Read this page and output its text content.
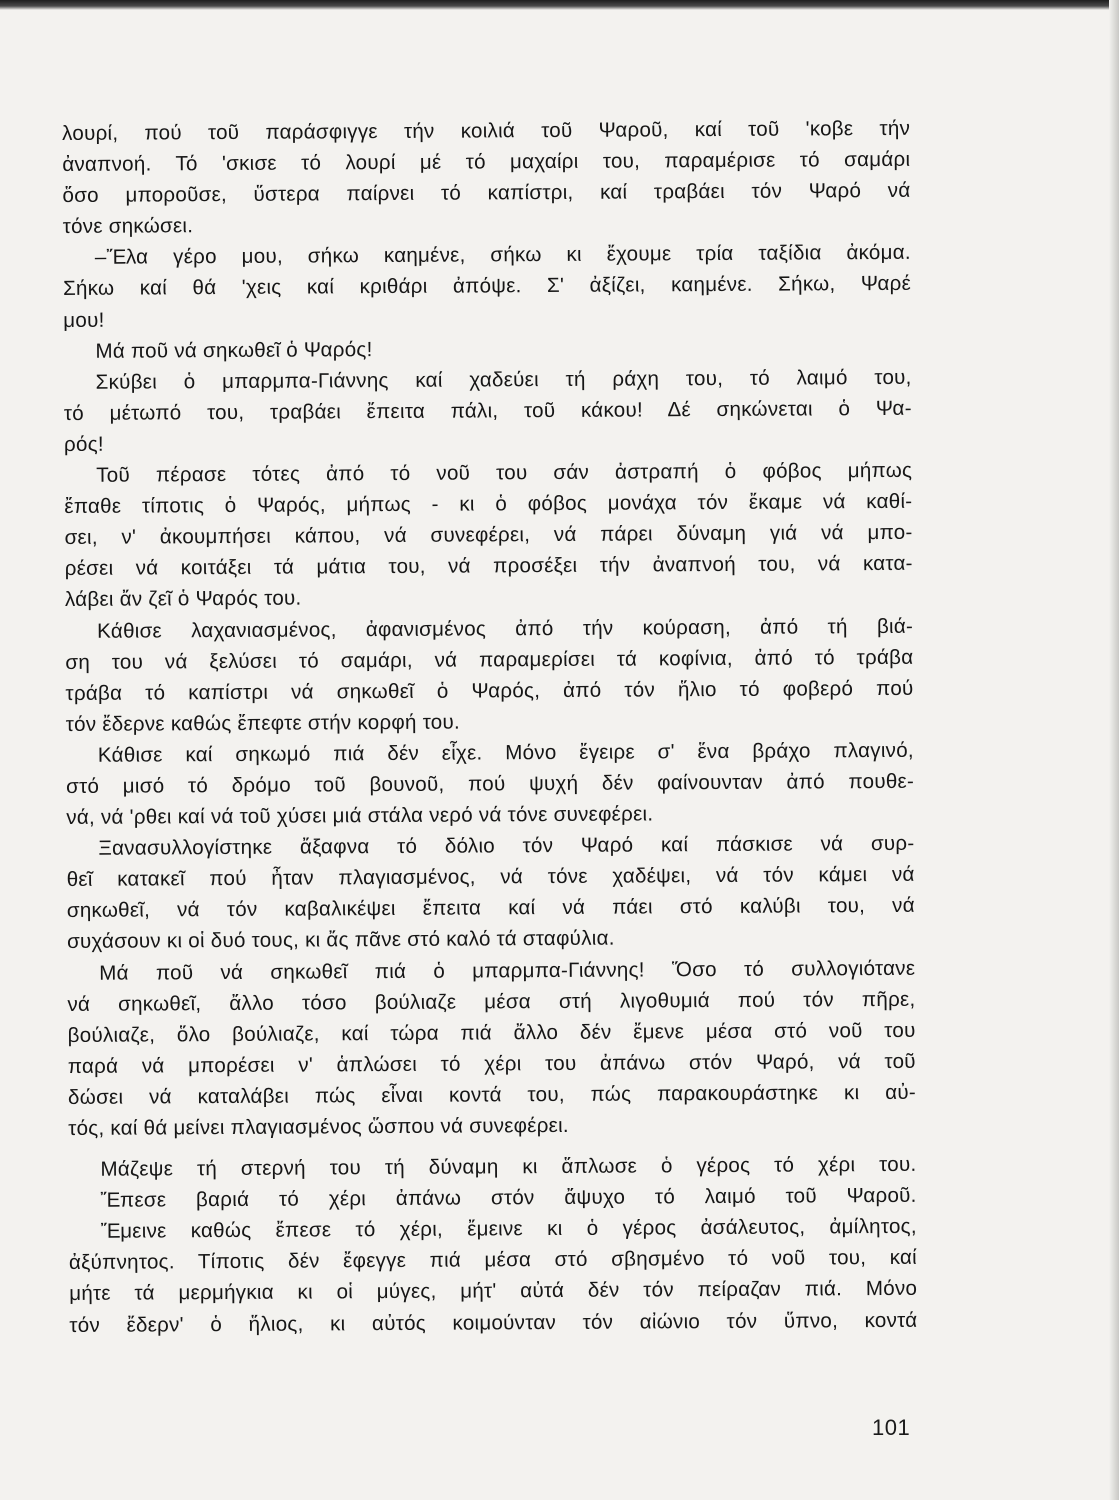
λουρί, πού τοῦ παράσφιγγε τήν κοιλιά τοῦ Ψαροῦ, καί τοῦ 'κοβε τήν
ἀναπνοή. Τό 'σκισε τό λουρί μέ τό μαχαίρι του, παραμέρισε τό σαμάρι
ὅσο μποροῦσε, ὕστερα παίρνει τό καπίστρι, καί τραβάει τόν Ψαρό νά
τόνε σηκώσει.

–Ἔλα γέρο μου, σήκω καημένε, σήκω κι ἔχουμε τρία ταξίδια ἀκόμα.
Σήκω καί θά 'χεις καί κριθάρι ἀπόψε. Σ' ἀξίζει, καημένε. Σήκω, Ψαρέ
μου!

Μά ποῦ νά σηκωθεῖ ὁ Ψαρός!

Σκύβει ὁ μπαρμπα-Γιάννης καί χαδεύει τή ράχη του, τό λαιμό του,
τό μέτωπό του, τραβάει ἔπειτα πάλι, τοῦ κάκου! Δέ σηκώνεται ὁ Ψα-
ρός!

Τοῦ πέρασε τότες ἀπό τό νοῦ του σάν ἀστραπή ὁ φόβος μήπως
ἔπαθε τίποτις ὁ Ψαρός, μήπως - κι ὁ φόβος μονάχα τόν ἔκαμε νά καθί-
σει, ν' ἀκουμπήσει κάπου, νά συνεφέρει, νά πάρει δύναμη γιά νά μπο-
ρέσει νά κοιτάξει τά μάτια του, νά προσέξει τήν ἀναπνοή του, νά κατα-
λάβει ἄν ζεῖ ὁ Ψαρός του.

Κάθισε λαχανιασμένος, ἀφανισμένος ἀπό τήν κούραση, ἀπό τή βιά-
ση του νά ξελύσει τό σαμάρι, νά παραμερίσει τά κοφίνια, ἀπό τό τράβα
τράβα τό καπίστρι νά σηκωθεῖ ὁ Ψαρός, ἀπό τόν ἥλιο τό φοβερό πού
τόν ἔδερνε καθώς ἔπεφτε στήν κορφή του.

Κάθισε καί σηκωμό πιά δέν εἶχε. Μόνο ἔγειρε σ' ἕνα βράχο πλαγινό,
στό μισό τό δρόμο τοῦ βουνοῦ, πού ψυχή δέν φαίνουνταν ἀπό πουθε-
νά, νά 'ρθει καί νά τοῦ χύσει μιά στάλα νερό νά τόνε συνεφέρει.

Ξανασυλλογίστηκε ἄξαφνα τό δόλιο τόν Ψαρό καί πάσκισε νά συρ-
θεῖ κατακεῖ πού ἦταν πλαγιασμένος, νά τόνε χαδέψει, νά τόν κάμει νά
σηκωθεῖ, νά τόν καβαλικέψει ἔπειτα καί νά πάει στό καλύβι του, νά
συχάσουν κι οἱ δυό τους, κι ἄς πᾶνε στό καλό τά σταφύλια.

Μά ποῦ νά σηκωθεῖ πιά ὁ μπαρμπα-Γιάννης! Ὅσο τό συλλογιότανε
νά σηκωθεῖ, ἄλλο τόσο βούλιαζε μέσα στή λιγοθυμιά πού τόν πῆρε,
βούλιαζε, ὅλο βούλιαζε, καί τώρα πιά ἄλλο δέν ἔμενε μέσα στό νοῦ του
παρά νά μπορέσει ν' ἁπλώσει τό χέρι του ἀπάνω στόν Ψαρό, νά τοῦ
δώσει νά καταλάβει πώς εἶναι κοντά του, πώς παρακουράστηκε κι αὐ-
τός, καί θά μείνει πλαγιασμένος ὥσπου νά συνεφέρει.

Μάζεψε τή στερνή του τή δύναμη κι ἅπλωσε ὁ γέρος τό χέρι του.
Ἔπεσε βαριά τό χέρι ἀπάνω στόν ἄψυχο τό λαιμό τοῦ Ψαροῦ.
Ἔμεινε καθώς ἔπεσε τό χέρι, ἔμεινε κι ὁ γέρος ἀσάλευτος, ἀμίλητος,
ἀξύπνητος. Τίποτις δέν ἔφεγγε πιά μέσα στό σβησμένο τό νοῦ του, καί
μήτε τά μερμήγκια κι οἱ μύγες, μήτ' αὐτά δέν τόν πείραζαν πιά. Μόνο
τόν ἔδερν' ὁ ἥλιος, κι αὐτός κοιμούνταν τόν αἰώνιο τόν ὕπνο, κοντά

101
